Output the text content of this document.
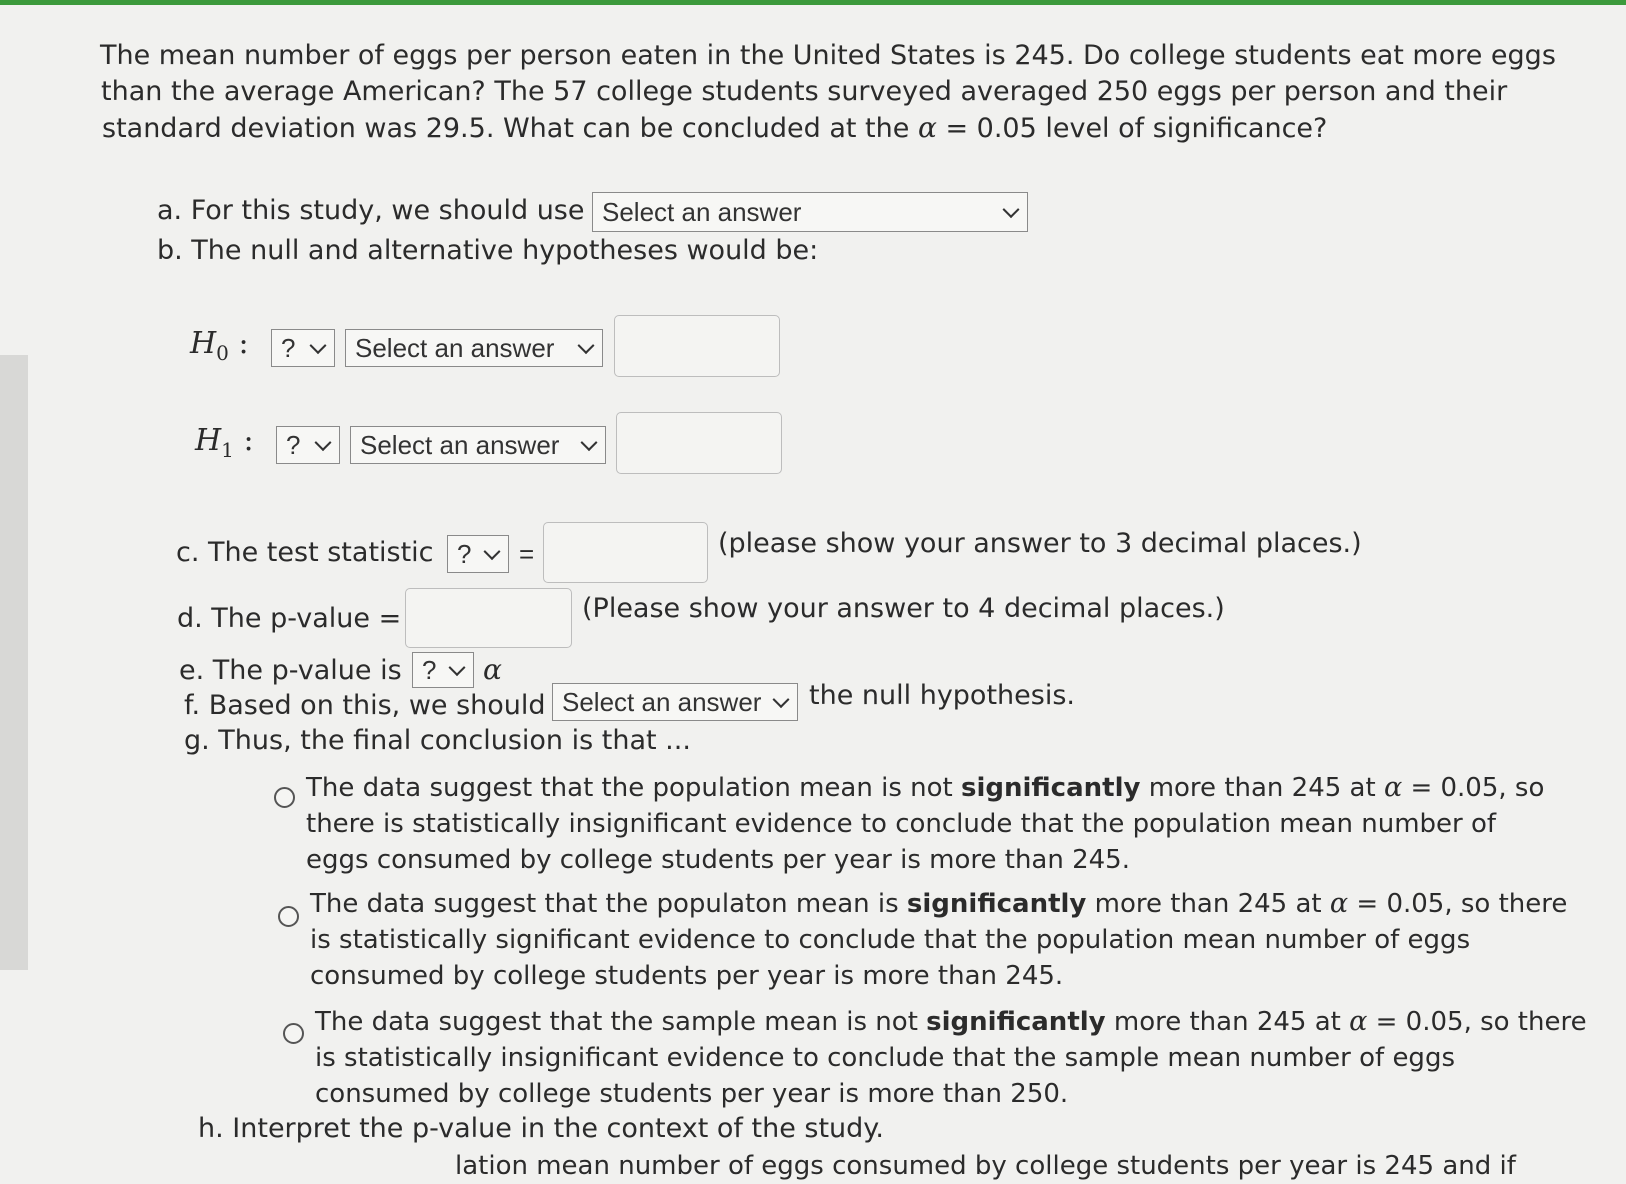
The mean number of eggs per person eaten in the United States is 245. Do college students eat more eggs
than the average American? The 57 college students surveyed averaged 250 eggs per person and their
standard deviation was 29.5. What can be concluded at the α = 0.05 level of significance?
a. For this study, we should use Select an answer
b. The null and alternative hypotheses would be:
$H_0$ : ? Select an answer
$H_1$ : ? Select an answer
c. The test statistic ? =	(please show your answer to 3 decimal places.)
d. The p-value =	(Please show your answer to 4 decimal places.)
e. The p-value is ? α
f. Based on this, we should Select an answer the null hypothesis.
g. Thus, the final conclusion is that ...
The data suggest that the population mean is not significantly more than 245 at α = 0.05, so
there is statistically insignificant evidence to conclude that the population mean number of
eggs consumed by college students per year is more than 245.
The data suggest that the populaton mean is significantly more than 245 at α = 0.05, so there
is statistically significant evidence to conclude that the population mean number of eggs
consumed by college students per year is more than 245.
The data suggest that the sample mean is not significantly more than 245 at α = 0.05, so there
is statistically insignificant evidence to conclude that the sample mean number of eggs
consumed by college students per year is more than 250.
h. Interpret the p-value in the context of the study.
lation mean number of eggs consumed by college students per year is 245 and if
